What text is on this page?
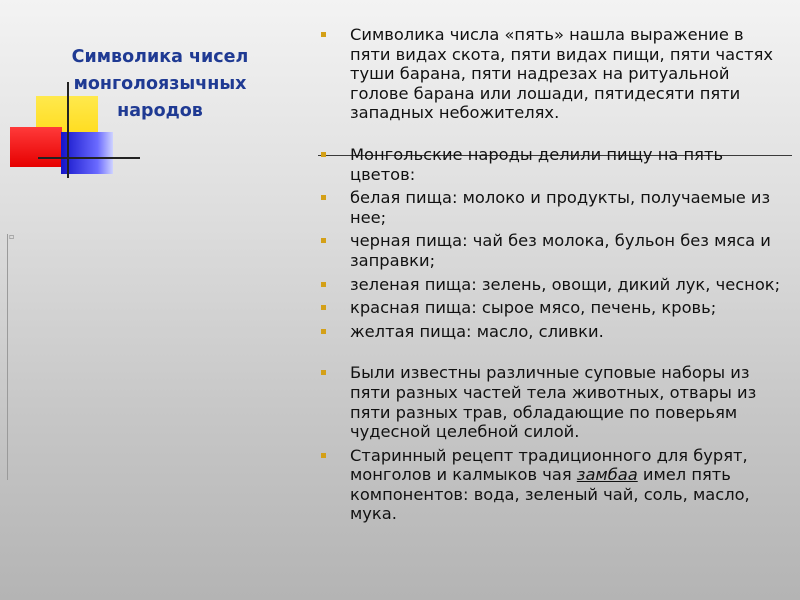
▫
Символика чисел монголоязычных народов
Символика числа «пять» нашла выражение в пяти видах скота, пяти видах пищи, пяти частях туши барана, пяти надрезах на ритуальной голове барана или лошади, пятидесяти пяти западных небожителях.
Монгольские народы делили пищу на пять цветов:
белая пища: молоко и продукты, получаемые из нее;
черная пища: чай без молока, бульон без мяса и заправки;
зеленая пища: зелень, овощи, дикий лук, чеснок;
красная пища: сырое мясо, печень, кровь;
желтая пища: масло, сливки.
Были известны различные суповые наборы из пяти разных частей тела животных, отвары из пяти разных трав, обладающие по поверьям чудесной целебной силой.
Старинный рецепт традиционного для бурят, монголов и калмыков чая замбаа имел пять компонентов: вода, зеленый чай, соль, масло, мука.
